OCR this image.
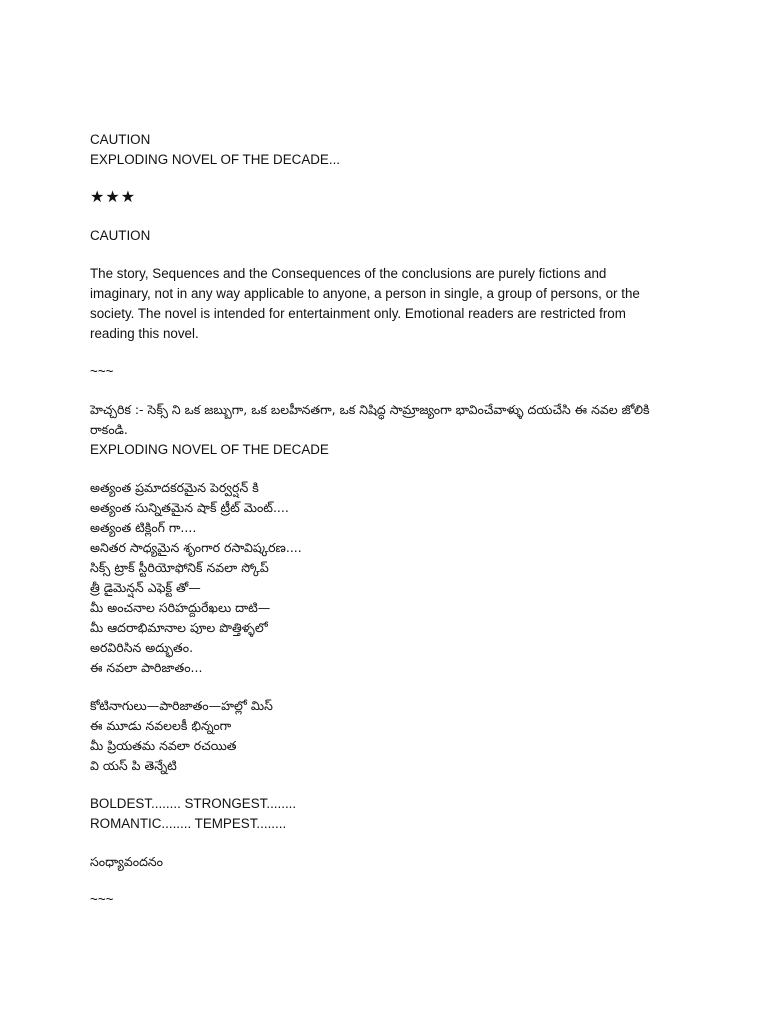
CAUTION
EXPLODING NOVEL OF THE DECADE...
★★★
CAUTION
The story, Sequences and the Consequences of the conclusions are purely fictions and imaginary, not in any way applicable to anyone, a person in single, a group of persons, or the society. The novel is intended for entertainment only. Emotional readers are restricted from reading this novel.
~~~
హెచ్చరిక :- సెక్స్ ని ఒక జబ్బుగా, ఒక బలహీనతగా, ఒక నిషిద్ధ సామ్రాజ్యంగా భావించేవాళ్ళు దయచేసి ఈ నవల జోలికి రాకండి.
EXPLODING NOVEL OF THE DECADE
అత్యంత ప్రమాదకరమైన పెర్వర్షన్ కి
అత్యంత సున్నితమైన షాక్ ట్రీట్ మెంట్....
అత్యంత టిక్లింగ్ గా....
అనితర సాధ్యమైన శృంగార రసావిష్కరణ....
సిక్స్ ట్రాక్ స్టీరియోఫోనిక్ నవలా స్కోప్
త్రీ డైమెన్షన్ ఎఫెక్ట్ తో—
మీ అంచనాల సరిహద్దురేఖలు దాటి—
మీ ఆదరాభిమానాల పూల పొత్తిళ్ళలో
అరవిరిసిన అద్భుతం.
ఈ నవలా పారిజాతం...
కోటినాగులు—పారిజాతం—హల్లో మిస్
ఈ మూడు నవలలకీ భిన్నంగా
మీ ప్రియతమ నవలా రచయిత
వి యస్ పి తెన్నేటి
BOLDEST........ STRONGEST........
ROMANTIC........ TEMPEST........
సంధ్యావందనం
~~~
